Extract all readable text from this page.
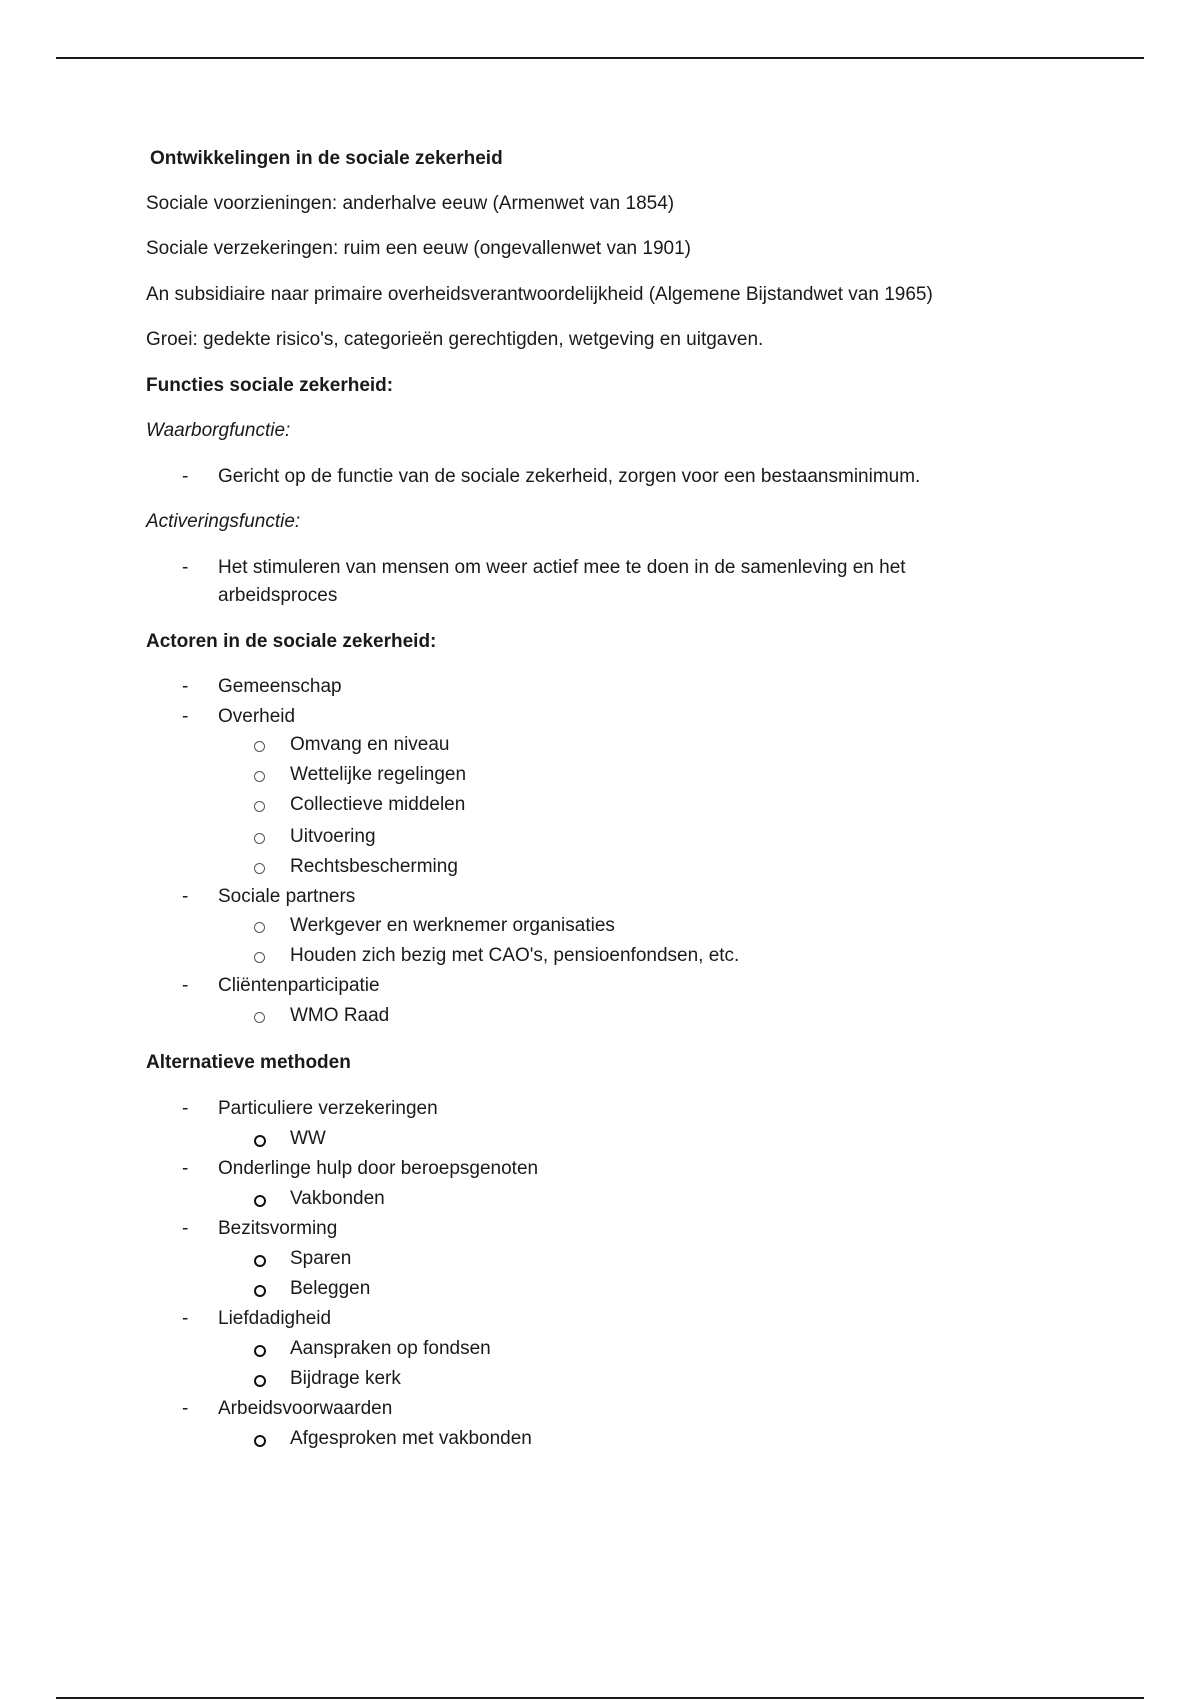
Ontwikkelingen in de sociale zekerheid
Sociale voorzieningen: anderhalve eeuw (Armenwet van 1854)
Sociale verzekeringen: ruim een eeuw (ongevallenwet van 1901)
An subsidiaire naar primaire overheidsverantwoordelijkheid (Algemene Bijstandwet van 1965)
Groei: gedekte risico's, categorieën gerechtigden, wetgeving en uitgaven.
Functies sociale zekerheid:
Waarborgfunctie:
- Gericht op de functie van de sociale zekerheid, zorgen voor een bestaansminimum.
Activeringsfunctie:
- Het stimuleren van mensen om weer actief mee te doen in de samenleving en het
arbeidsproces
Actoren in de sociale zekerheid:
- Gemeenschap
- Overheid
Omvang en niveau
Wettelijke regelingen
Collectieve middelen
Uitvoering
Rechtsbescherming
- Sociale partners
Werkgever en werknemer organisaties
Houden zich bezig met CAO's, pensioenfondsen, etc.
- Cliëntenparticipatie
WMO Raad
Alternatieve methoden
- Particuliere verzekeringen
WW
- Onderlinge hulp door beroepsgenoten
Vakbonden
- Bezitsvorming
Sparen
Beleggen
- Liefdadigheid
Aanspraken op fondsen
Bijdrage kerk
- Arbeidsvoorwaarden
Afgesproken met vakbonden
